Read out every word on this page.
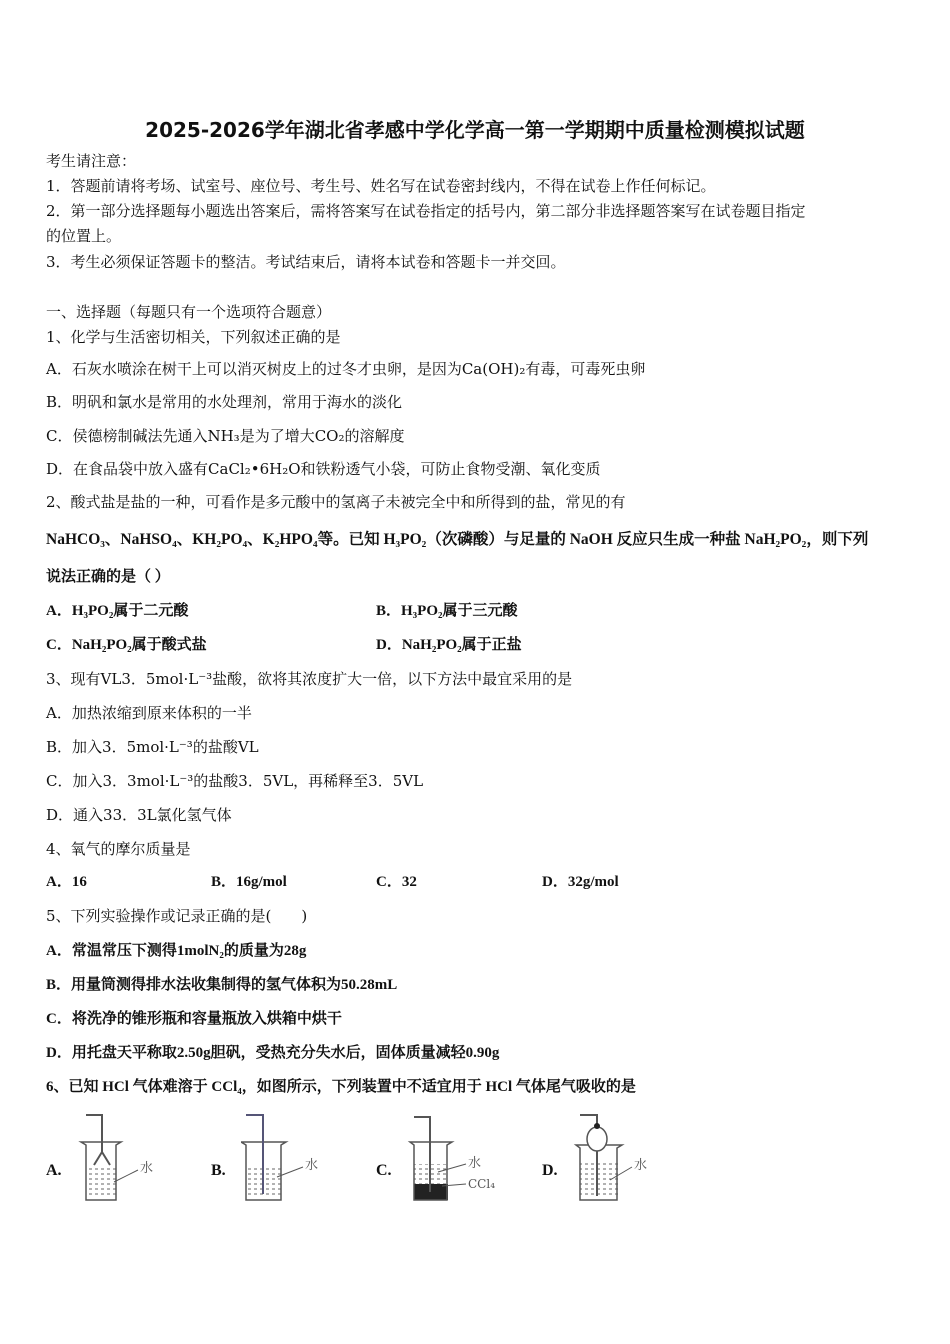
2025-2026学年湖北省孝感中学化学高一第一学期期中质量检测模拟试题
考生请注意：
1．答题前请将考场、试室号、座位号、考生号、姓名写在试卷密封线内，不得在试卷上作任何标记。
2．第一部分选择题每小题选出答案后，需将答案写在试卷指定的括号内，第二部分非选择题答案写在试卷题目指定
的位置上。
3．考生必须保证答题卡的整洁。考试结束后，请将本试卷和答题卡一并交回。
一、选择题（每题只有一个选项符合题意）
1、化学与生活密切相关，下列叙述正确的是
A．石灰水喷涂在树干上可以消灭树皮上的过冬才虫卵，是因为Ca(OH)₂有毒，可毒死虫卵
B．明矾和氯水是常用的水处理剂，常用于海水的淡化
C．侯德榜制碱法先通入NH₃是为了增大CO₂的溶解度
D．在食品袋中放入盛有CaCl₂•6H₂O和铁粉透气小袋，可防止食物受潮、氧化变质
2、酸式盐是盐的一种，可看作是多元酸中的氢离子未被完全中和所得到的盐，常见的有
NaHCO₃、NaHSO₄、KH₂PO₄、K₂HPO₄等。已知 H₃PO₂（次磷酸）与足量的 NaOH 反应只生成一种盐 NaH₂PO₂，则下列
说法正确的是（ ）
A．H₃PO₂属于二元酸	B．H₃PO₂属于三元酸
C．NaH₂PO₂属于酸式盐	D．NaH₂PO₂属于正盐
3、现有VL3．5mol·L⁻³盐酸，欲将其浓度扩大一倍，以下方法中最宜采用的是
A．加热浓缩到原来体积的一半
B．加入3．5mol·L⁻³的盐酸VL
C．加入3．3mol·L⁻³的盐酸3．5VL，再稀释至3．5VL
D．通入33．3L氯化氢气体
4、氧气的摩尔质量是
A．16	B．16g/mol	C．32	D．32g/mol
5、下列实验操作或记录正确的是(　　)
A．常温常压下测得1molN₂的质量为28g
B．用量筒测得排水法收集制得的氢气体积为50.28mL
C．将洗净的锥形瓶和容量瓶放入烘箱中烘干
D．用托盘天平称取2.50g胆矾，受热充分失水后，固体质量减轻0.90g
6、已知 HCl 气体难溶于 CCl₄，如图所示，下列装置中不适宜用于 HCl 气体尾气吸收的是
A.	水	B.	水	C.	水
CCl₄
D.	水
